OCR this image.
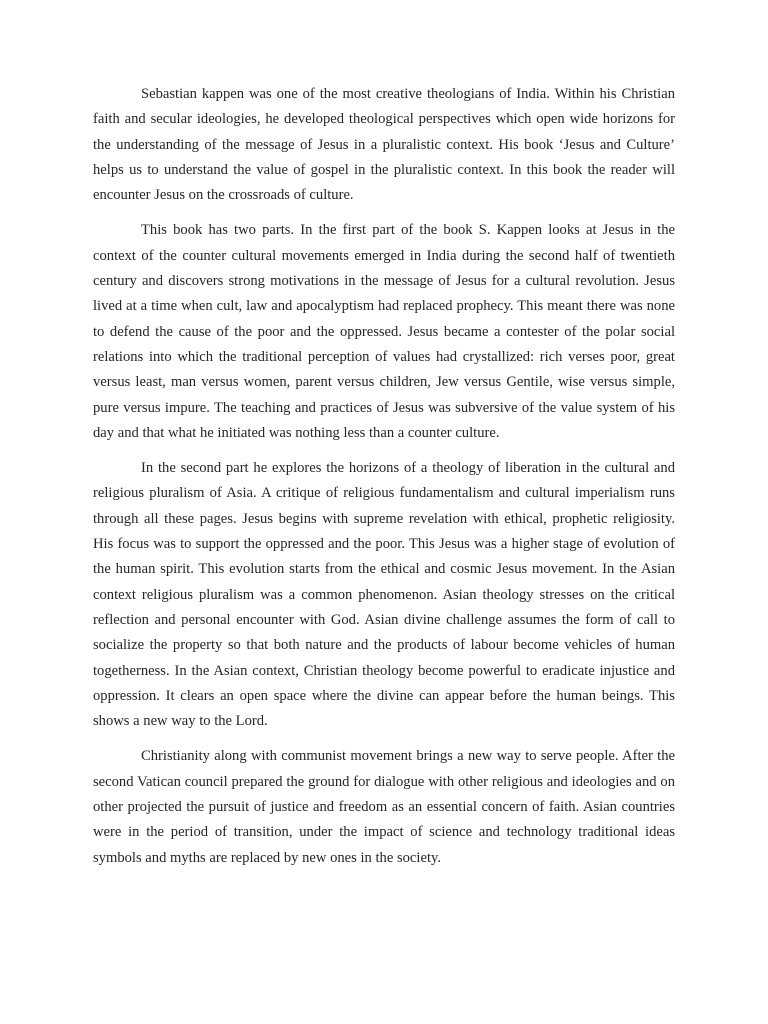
Sebastian kappen was one of the most creative theologians of India. Within his Christian faith and secular ideologies, he developed theological perspectives which open wide horizons for the understanding of the message of Jesus in a pluralistic context. His book ‘Jesus and Culture’ helps us to understand the value of gospel in the pluralistic context. In this book the reader will encounter Jesus on the crossroads of culture.

This book has two parts. In the first part of the book S. Kappen looks at Jesus in the context of the counter cultural movements emerged in India during the second half of twentieth century and discovers strong motivations in the message of Jesus for a cultural revolution. Jesus lived at a time when cult, law and apocalyptism had replaced prophecy. This meant there was none to defend the cause of the poor and the oppressed. Jesus became a contester of the polar social relations into which the traditional perception of values had crystallized: rich verses poor, great versus least, man versus women, parent versus children, Jew versus Gentile, wise versus simple, pure versus impure. The teaching and practices of Jesus was subversive of the value system of his day and that what he initiated was nothing less than a counter culture.

In the second part he explores the horizons of a theology of liberation in the cultural and religious pluralism of Asia. A critique of religious fundamentalism and cultural imperialism runs through all these pages. Jesus begins with supreme revelation with ethical, prophetic religiosity. His focus was to support the oppressed and the poor. This Jesus was a higher stage of evolution of the human spirit. This evolution starts from the ethical and cosmic Jesus movement. In the Asian context religious pluralism was a common phenomenon. Asian theology stresses on the critical reflection and personal encounter with God. Asian divine challenge assumes the form of call to socialize the property so that both nature and the products of labour become vehicles of human togetherness. In the Asian context, Christian theology become powerful to eradicate injustice and oppression. It clears an open space where the divine can appear before the human beings. This shows a new way to the Lord.

Christianity along with communist movement brings a new way to serve people. After the second Vatican council prepared the ground for dialogue with other religious and ideologies and on other projected the pursuit of justice and freedom as an essential concern of faith. Asian countries were in the period of transition, under the impact of science and technology traditional ideas symbols and myths are replaced by new ones in the society.
